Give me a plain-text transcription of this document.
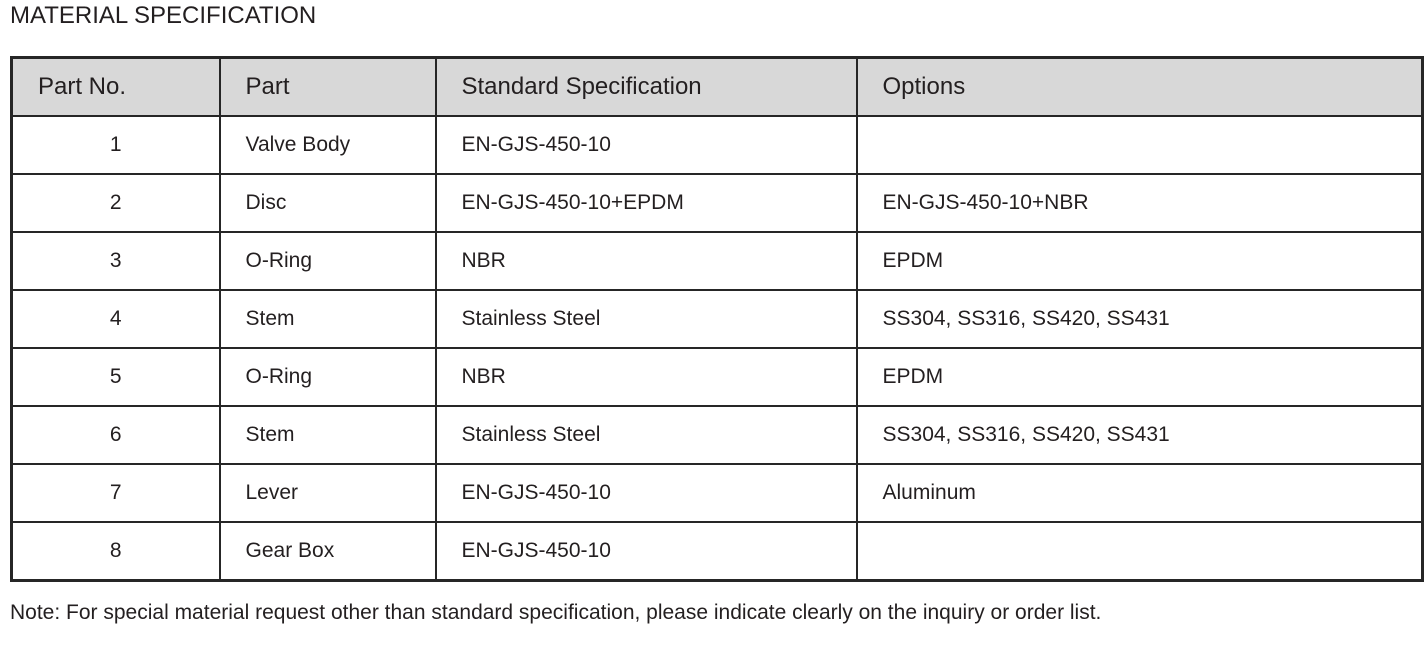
MATERIAL SPECIFICATION
Part No.	Part	Standard Specification	Options
1	Valve Body	EN-GJS-450-10	
2	Disc	EN-GJS-450-10+EPDM	EN-GJS-450-10+NBR
3	O-Ring	NBR	EPDM
4	Stem	Stainless Steel	SS304, SS316, SS420, SS431
5	O-Ring	NBR	EPDM
6	Stem	Stainless Steel	SS304, SS316, SS420, SS431
7	Lever	EN-GJS-450-10	Aluminum
8	Gear Box	EN-GJS-450-10	

Note: For special material request other than standard specification, please indicate clearly on the inquiry or order list.
